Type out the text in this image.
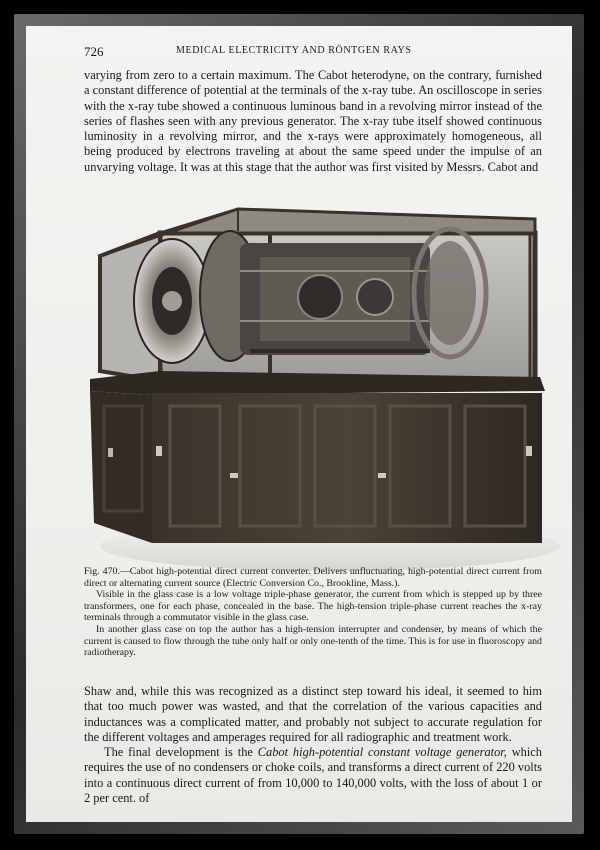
726	MEDICAL ELECTRICITY AND RÖNTGEN RAYS

varying from zero to a certain maximum. The Cabot heterodyne, on the contrary, furnished a constant difference of potential at the terminals of the x-ray tube. An oscilloscope in series with the x-ray tube showed a continuous luminous band in a revolving mirror instead of the series of flashes seen with any previous generator. The x-ray tube itself showed continuous luminosity in a revolving mirror, and the x-rays were approximately homogeneous, all being produced by electrons traveling at about the same speed under the impulse of an unvarying voltage. It was at this stage that the author was first visited by Messrs. Cabot and

Fig. 470.—Cabot high-potential direct current converter. Delivers unfluctuating, high-potential direct current from direct or alternating current source (Electric Conversion Co., Brookline, Mass.).

Visible in the glass case is a low voltage triple-phase generator, the current from which is stepped up by three transformers, one for each phase, concealed in the base. The high-tension triple-phase current reaches the x-ray terminals through a commutator visible in the glass case.

In another glass case on top the author has a high-tension interrupter and condenser, by means of which the current is caused to flow through the tube only half or only one-tenth of the time. This is for use in fluoroscopy and radiotherapy.

Shaw and, while this was recognized as a distinct step toward his ideal, it seemed to him that too much power was wasted, and that the correlation of the various capacities and inductances was a complicated matter, and probably not subject to accurate regulation for the different voltages and amperages required for all radiographic and treatment work.

The final development is the Cabot high-potential constant voltage generator, which requires the use of no condensers or choke coils, and transforms a direct current of 220 volts into a continuous direct current of from 10,000 to 140,000 volts, with the loss of about 1 or 2 per cent. of
